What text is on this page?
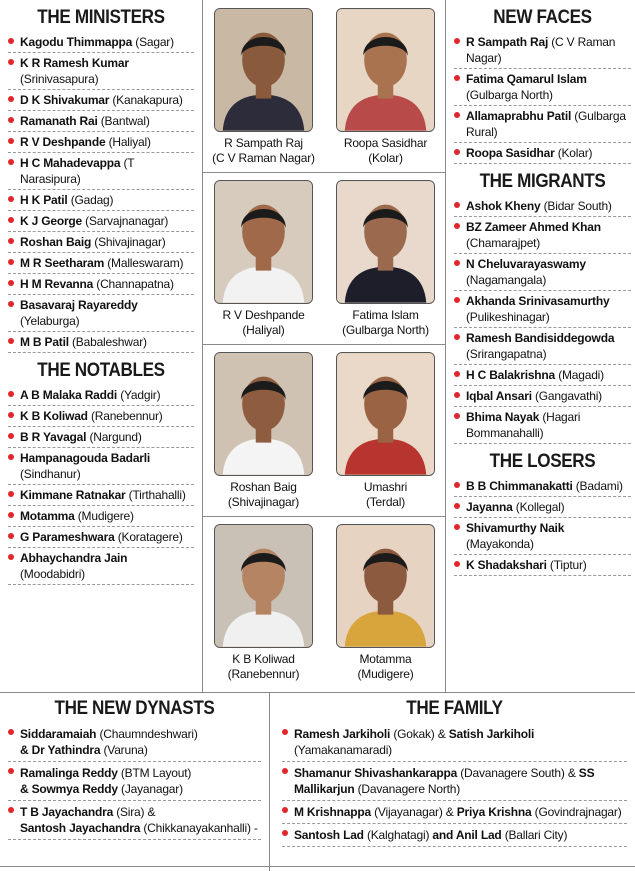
THE MINISTERS
Kagodu Thimmappa (Sagar)
K R Ramesh Kumar (Srinivasapura)
D K Shivakumar (Kanakapura)
Ramanath Rai (Bantwal)
R V Deshpande (Haliyal)
H C Mahadevappa (T Narasipura)
H K Patil (Gadag)
K J George (Sarvajnanagar)
Roshan Baig (Shivajinagar)
M R Seetharam (Malleswaram)
H M Revanna (Channapatna)
Basavaraj Rayareddy (Yelaburga)
M B Patil (Babaleshwar)
THE NOTABLES
A B Malaka Raddi (Yadgir)
K B Koliwad (Ranebennur)
B R Yavagal (Nargund)
Hampanagouda Badarli (Sindhanur)
Kimmane Ratnakar (Tirthahalli)
Motamma (Mudigere)
G Parameshwara (Koratagere)
Abhaychandra Jain (Moodabidri)
R Sampath Raj
(C V Raman Nagar)
Roopa Sasidhar
(Kolar)
R V Deshpande
(Haliyal)
Fatima Islam
(Gulbarga North)
Roshan Baig
(Shivajinagar)
Umashri
(Terdal)
K B Koliwad
(Ranebennur)
Motamma
(Mudigere)
NEW FACES
R Sampath Raj (C V Raman Nagar)
Fatima Qamarul Islam (Gulbarga North)
Allamaprabhu Patil (Gulbarga Rural)
Roopa Sasidhar (Kolar)
THE MIGRANTS
Ashok Kheny (Bidar South)
BZ Zameer Ahmed Khan (Chamarajpet)
N Cheluvarayaswamy (Nagamangala)
Akhanda Srinivasamurthy (Pulikeshinagar)
Ramesh Bandisiddegowda (Srirangapatna)
H C Balakrishna (Magadi)
Iqbal Ansari (Gangavathi)
Bhima Nayak (Hagari Bommanahalli)
THE LOSERS
B B Chimmanakatti (Badami)
Jayanna (Kollegal)
Shivamurthy Naik (Mayakonda)
K Shadakshari (Tiptur)
THE NEW DYNASTS
Siddaramaiah (Chaumndeshwari)
& Dr Yathindra (Varuna)
Ramalinga Reddy (BTM Layout)
& Sowmya Reddy (Jayanagar)
T B Jayachandra (Sira) &
Santosh Jayachandra (Chikkanayakanhalli) -
THE FAMILY
Ramesh Jarkiholi (Gokak) & Satish Jarkiholi (Yamakanamaradi)
Shamanur Shivashankarappa (Davanagere South) & SS Mallikarjun (Davanagere North)
M Krishnappa (Vijayanagar) & Priya Krishna (Govindrajnagar)
Santosh Lad (Kalghatagi) and Anil Lad (Ballari City)
